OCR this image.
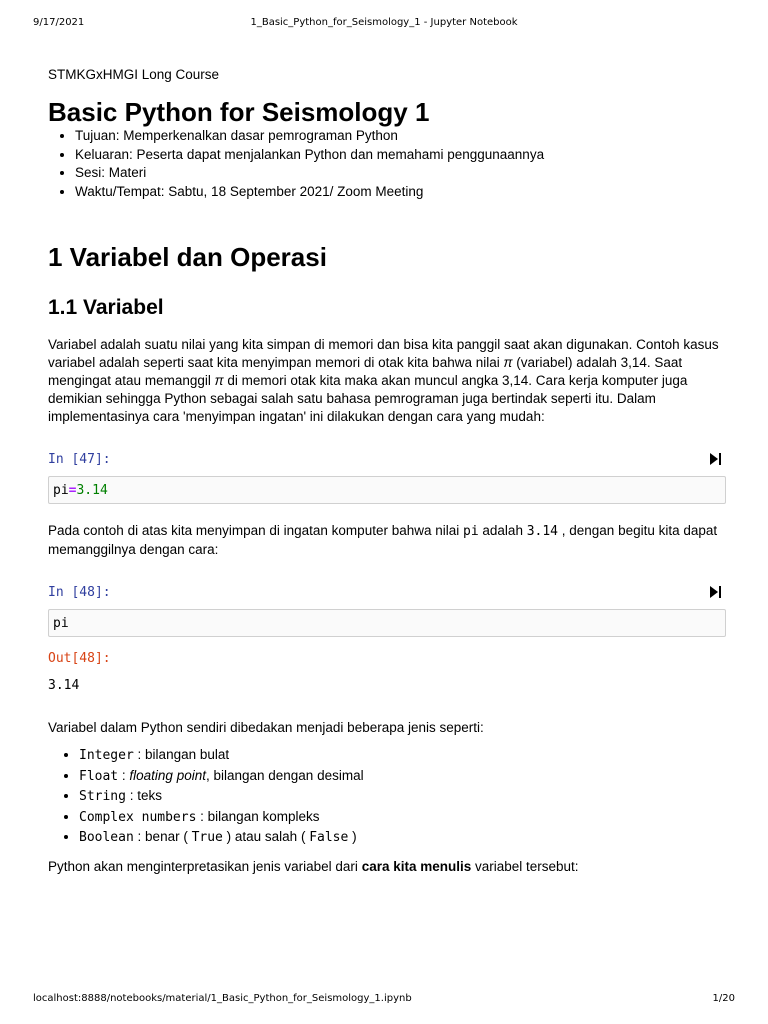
9/17/2021	1_Basic_Python_for_Seismology_1 - Jupyter Notebook

STMKGxHMGI Long Course

Basic Python for Seismology 1
• Tujuan: Memperkenalkan dasar pemrograman Python
• Keluaran: Peserta dapat menjalankan Python dan memahami penggunaannya
• Sesi: Materi
• Waktu/Tempat: Sabtu, 18 September 2021/ Zoom Meeting
1 Variabel dan Operasi
1.1 Variabel

Variabel adalah suatu nilai yang kita simpan di memori dan bisa kita panggil saat akan digunakan. Contoh kasus variabel adalah seperti saat kita menyimpan memori di otak kita bahwa nilai π (variabel) adalah 3,14. Saat mengingat atau memanggil π di memori otak kita maka akan muncul angka 3,14. Cara kerja komputer juga demikian sehingga Python sebagai salah satu bahasa pemrograman juga bertindak seperti itu. Dalam implementasinya cara 'menyimpan ingatan' ini dilakukan dengan cara yang mudah:

In [47]:
pi=3.14

Pada contoh di atas kita menyimpan di ingatan komputer bahwa nilai pi adalah 3.14 , dengan begitu kita dapat memanggilnya dengan cara:

In [48]:
pi
Out[48]:
3.14

Variabel dalam Python sendiri dibedakan menjadi beberapa jenis seperti:

• Integer : bilangan bulat
• Float : floating point, bilangan dengan desimal
• String : teks
• Complex numbers : bilangan kompleks
• Boolean : benar ( True ) atau salah ( False )

Python akan menginterpretasikan jenis variabel dari cara kita menulis variabel tersebut:

localhost:8888/notebooks/material/1_Basic_Python_for_Seismology_1.ipynb	1/20
